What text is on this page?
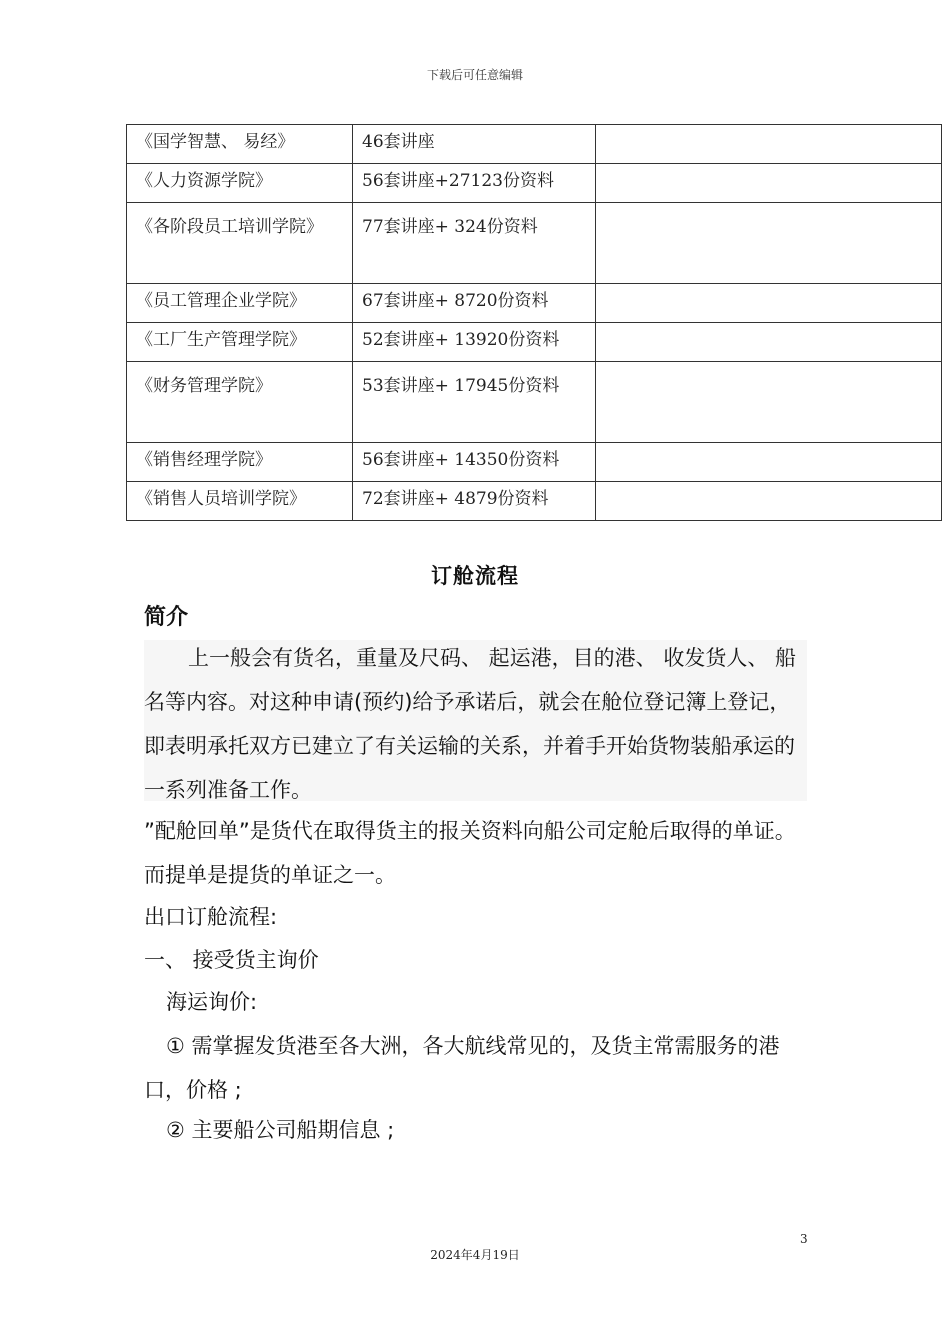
下载后可任意编辑
《国学智慧、 易经》	46套讲座	
《人力资源学院》	56套讲座+27123份资料	
《各阶段员工培训学院》	77套讲座+ 324份资料	
《员工管理企业学院》	67套讲座+ 8720份资料	
《工厂生产管理学院》	52套讲座+ 13920份资料	
《财务管理学院》	53套讲座+ 17945份资料	
《销售经理学院》	56套讲座+ 14350份资料	
《销售人员培训学院》	72套讲座+ 4879份资料	
订舱流程
简介
上一般会有货名，重量及尺码、 起运港，目的港、 收发货人、 船名等内容。对这种申请(预约)给予承诺后，就会在舱位登记簿上登记，即表明承托双方已建立了有关运输的关系，并着手开始货物装船承运的一系列准备工作。
”配舱回单”是货代在取得货主的报关资料向船公司定舱后取得的单证。而提单是提货的单证之一。
出口订舱流程:
一、 接受货主询价
海运询价:
① 需掌握发货港至各大洲，各大航线常见的，及货主常需服务的港口，价格 ;
② 主要船公司船期信息 ;
3
2024年4月19日
